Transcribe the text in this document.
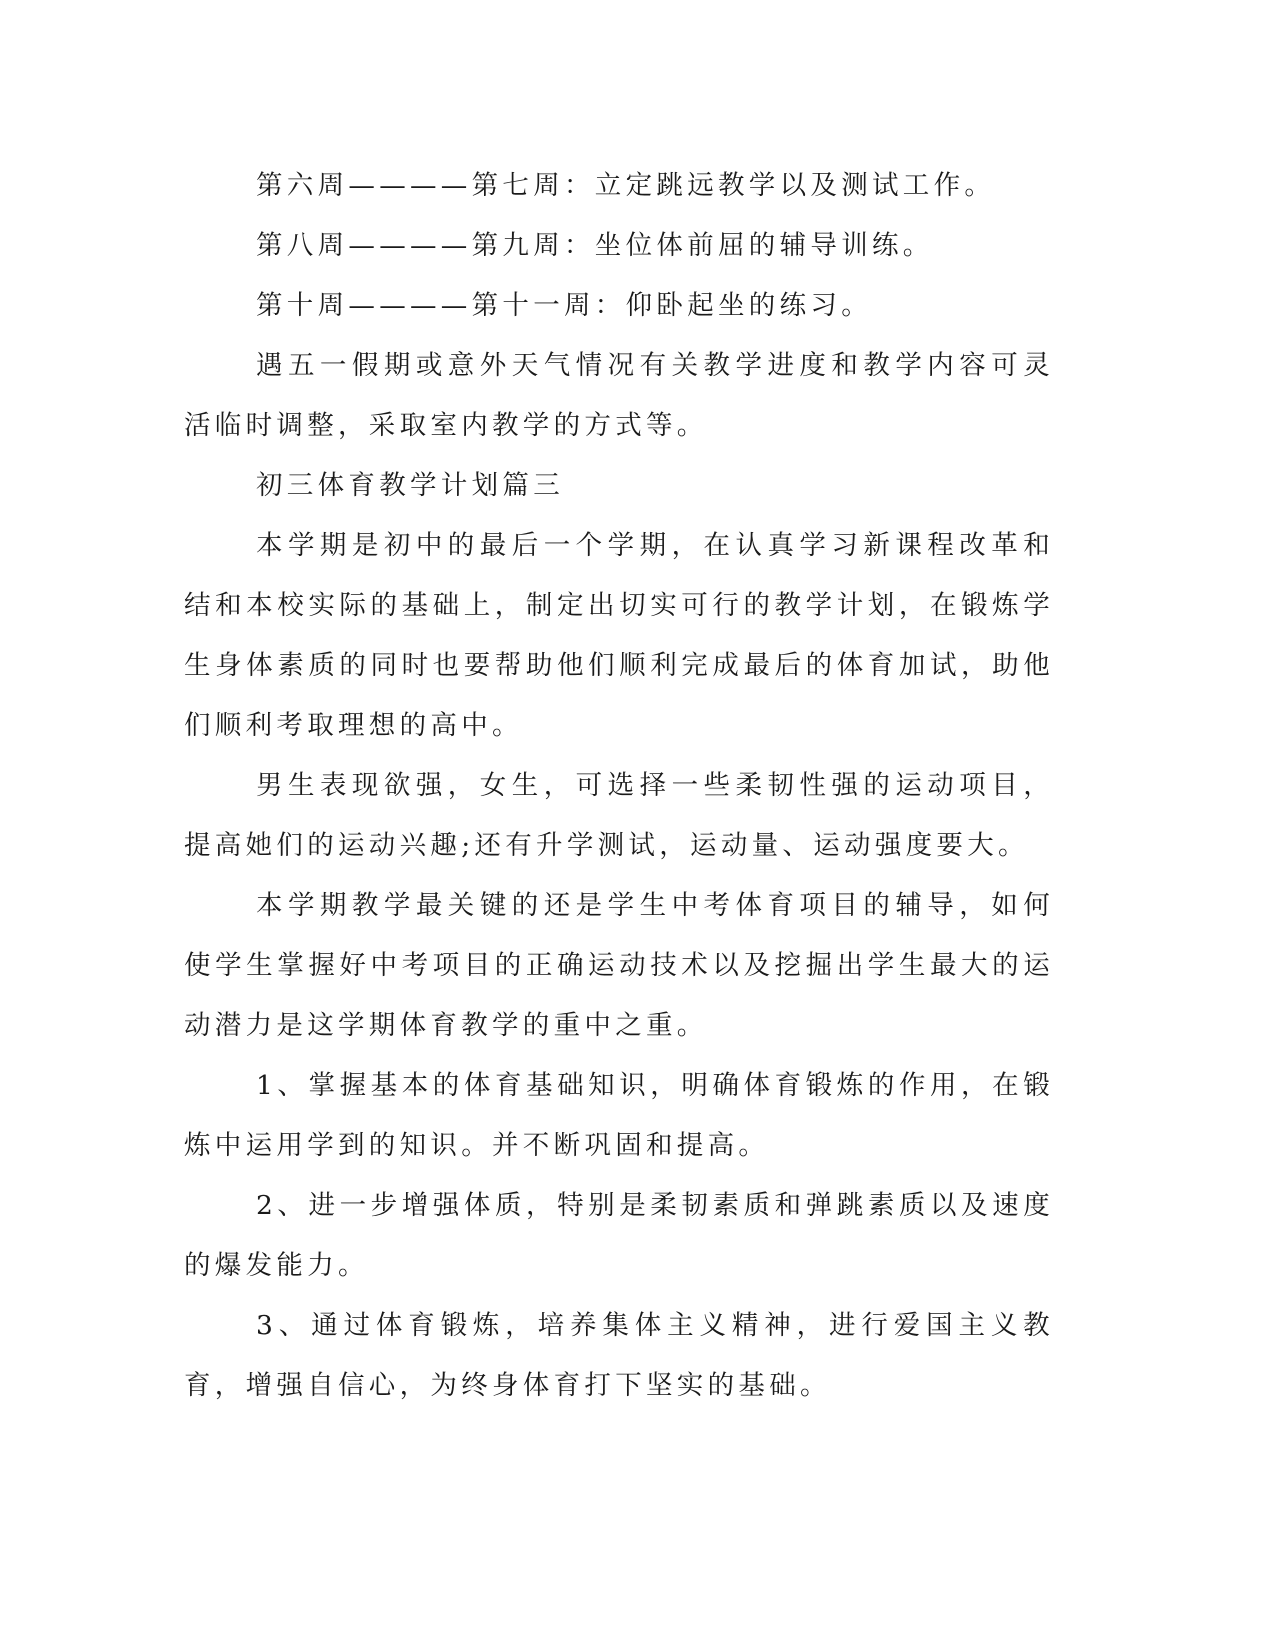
第六周————第七周：立定跳远教学以及测试工作。

第八周————第九周：坐位体前屈的辅导训练。

第十周————第十一周：仰卧起坐的练习。

遇五一假期或意外天气情况有关教学进度和教学内容可灵活临时调整，采取室内教学的方式等。

初三体育教学计划篇三

本学期是初中的最后一个学期，在认真学习新课程改革和结和本校实际的基础上，制定出切实可行的教学计划，在锻炼学生身体素质的同时也要帮助他们顺利完成最后的体育加试，助他们顺利考取理想的高中。

男生表现欲强，女生，可选择一些柔韧性强的运动项目，提高她们的运动兴趣;还有升学测试，运动量、运动强度要大。

本学期教学最关键的还是学生中考体育项目的辅导，如何使学生掌握好中考项目的正确运动技术以及挖掘出学生最大的运动潜力是这学期体育教学的重中之重。

1、掌握基本的体育基础知识，明确体育锻炼的作用，在锻炼中运用学到的知识。并不断巩固和提高。

2、进一步增强体质，特别是柔韧素质和弹跳素质以及速度的爆发能力。

3、通过体育锻炼，培养集体主义精神，进行爱国主义教育，增强自信心，为终身体育打下坚实的基础。
